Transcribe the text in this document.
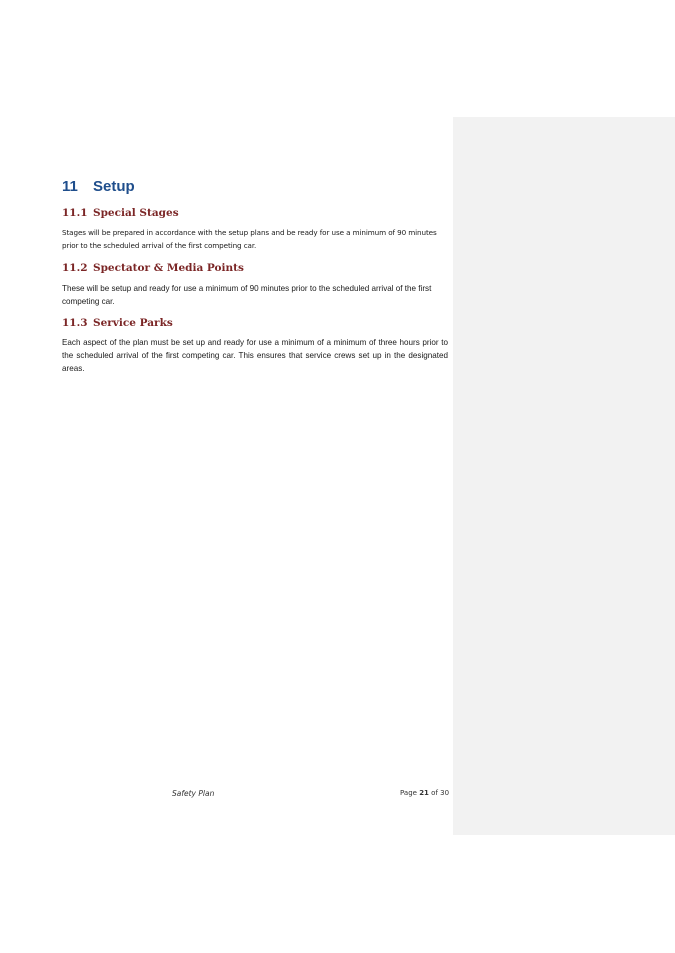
11 Setup
11.1 Special Stages

Stages will be prepared in accordance with the setup plans and be ready for use a minimum of 90 minutes prior to the scheduled arrival of the first competing car.

11.2 Spectator & Media Points

These will be setup and ready for use a minimum of 90 minutes prior to the scheduled arrival of the first competing car.

11.3 Service Parks

Each aspect of the plan must be set up and ready for use a minimum of a minimum of three hours prior to the scheduled arrival of the first competing car. This ensures that service crews set up in the designated areas.

Safety Plan	Page 21 of 30
